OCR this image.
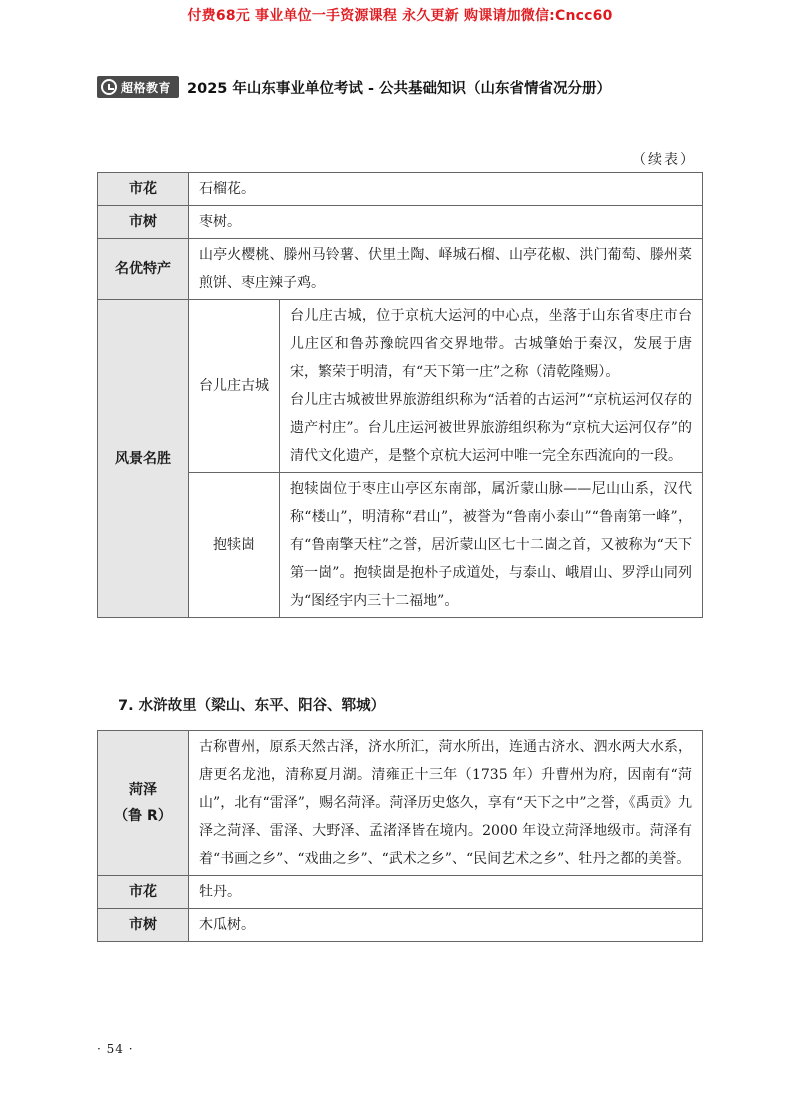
付费68元 事业单位一手资源课程 永久更新 购课请加微信:Cncc60
超格教育 2025 年山东事业单位考试 - 公共基础知识（山东省情省况分册）
（续表）
市花	石榴花。	
市树	枣树。	
名优特产	山亭火樱桃、滕州马铃薯、伏里土陶、峄城石榴、山亭花椒、洪门葡萄、滕州菜煎饼、枣庄辣子鸡。	
风景名胜	台儿庄古城	台儿庄古城，位于京杭大运河的中心点，坐落于山东省枣庄市台儿庄区和鲁苏豫皖四省交界地带。古城肇始于秦汉，发展于唐宋，繁荣于明清，有“天下第一庄”之称（清乾隆赐）。
台儿庄古城被世界旅游组织称为“活着的古运河”“京杭运河仅存的遗产村庄”。台儿庄运河被世界旅游组织称为“京杭大运河仅存”的清代文化遗产，是整个京杭大运河中唯一完全东西流向的一段。

	抱犊崮	抱犊崮位于枣庄山亭区东南部，属沂蒙山脉——尼山山系，汉代称“楼山”，明清称“君山”，被誉为“鲁南小泰山”“鲁南第一峰”，有“鲁南擎天柱”之誉，居沂蒙山区七十二崮之首，又被称为“天下第一崮”。抱犊崮是抱朴子成道处，与泰山、峨眉山、罗浮山同列为“图经宇内三十二福地”。
7. 水浒故里（梁山、东平、阳谷、郓城）
菏泽
（鲁 R）	古称曹州，原系天然古泽，济水所汇，菏水所出，连通古济水、泗水两大水系，唐更名龙池，清称夏月湖。清雍正十三年（1735 年）升曹州为府，因南有“菏山”，北有“雷泽”，赐名菏泽。菏泽历史悠久，享有“天下之中”之誉，《禹贡》九泽之菏泽、雷泽、大野泽、孟渚泽皆在境内。2000 年设立菏泽地级市。菏泽有着“书画之乡”、“戏曲之乡”、“武术之乡”、“民间艺术之乡”、牡丹之都的美誉。
市花	牡丹。
市树	木瓜树。
· 54 ·
